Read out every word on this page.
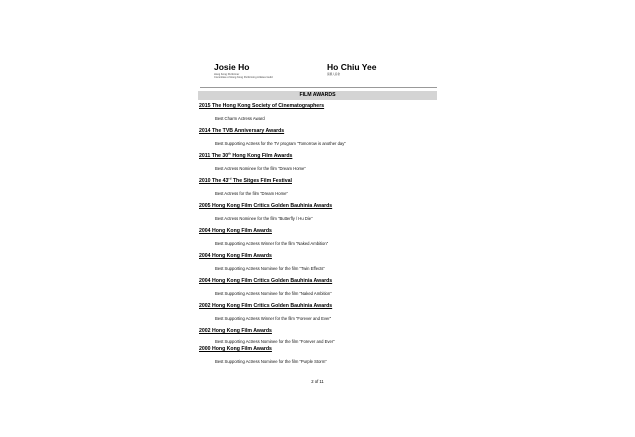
Josie Ho
Hong Kong Performer
Committee of Hong Kong Performing Artistes Guild
Ho Chiu Yee
演藝人協會
FILM AWARDS
2015 The Hong Kong Society of Cinematographers
Best Charm Actress Award
2014 The TVB Anniversary Awards
Best Supporting Actress for the TV program “Tomorrow is another day”
2011 The 30th Hong Kong Film Awards
Best Actress Nominee for the film “Dream Home”
2010 The 43rd The Sitges Film Festival
Best Actress for the film “Dream Home”
2005 Hong Kong Film Critics Golden Bauhinia Awards
Best Actress Nominee for the film “Butterfly / Hu Die”
2004 Hong Kong Film Awards
Best Supporting Actress Winner for the film “Naked Ambition”
2004 Hong Kong Film Awards
Best Supporting Actress Nominee for the film “Twin Effects”
2004 Hong Kong Film Critics Golden Bauhinia Awards
Best Supporting Actress Nominee for the film “Naked Ambition”
2002 Hong Kong Film Critics Golden Bauhinia Awards
Best Supporting Actress Winner for the film “Forever and Ever”
2002 Hong Kong Film Awards
Best Supporting Actress Nominee for the film “Forever and Ever”
2000 Hong Kong Film Awards
Best Supporting Actress Nominee for the film “Purple Storm”
2 of 11
